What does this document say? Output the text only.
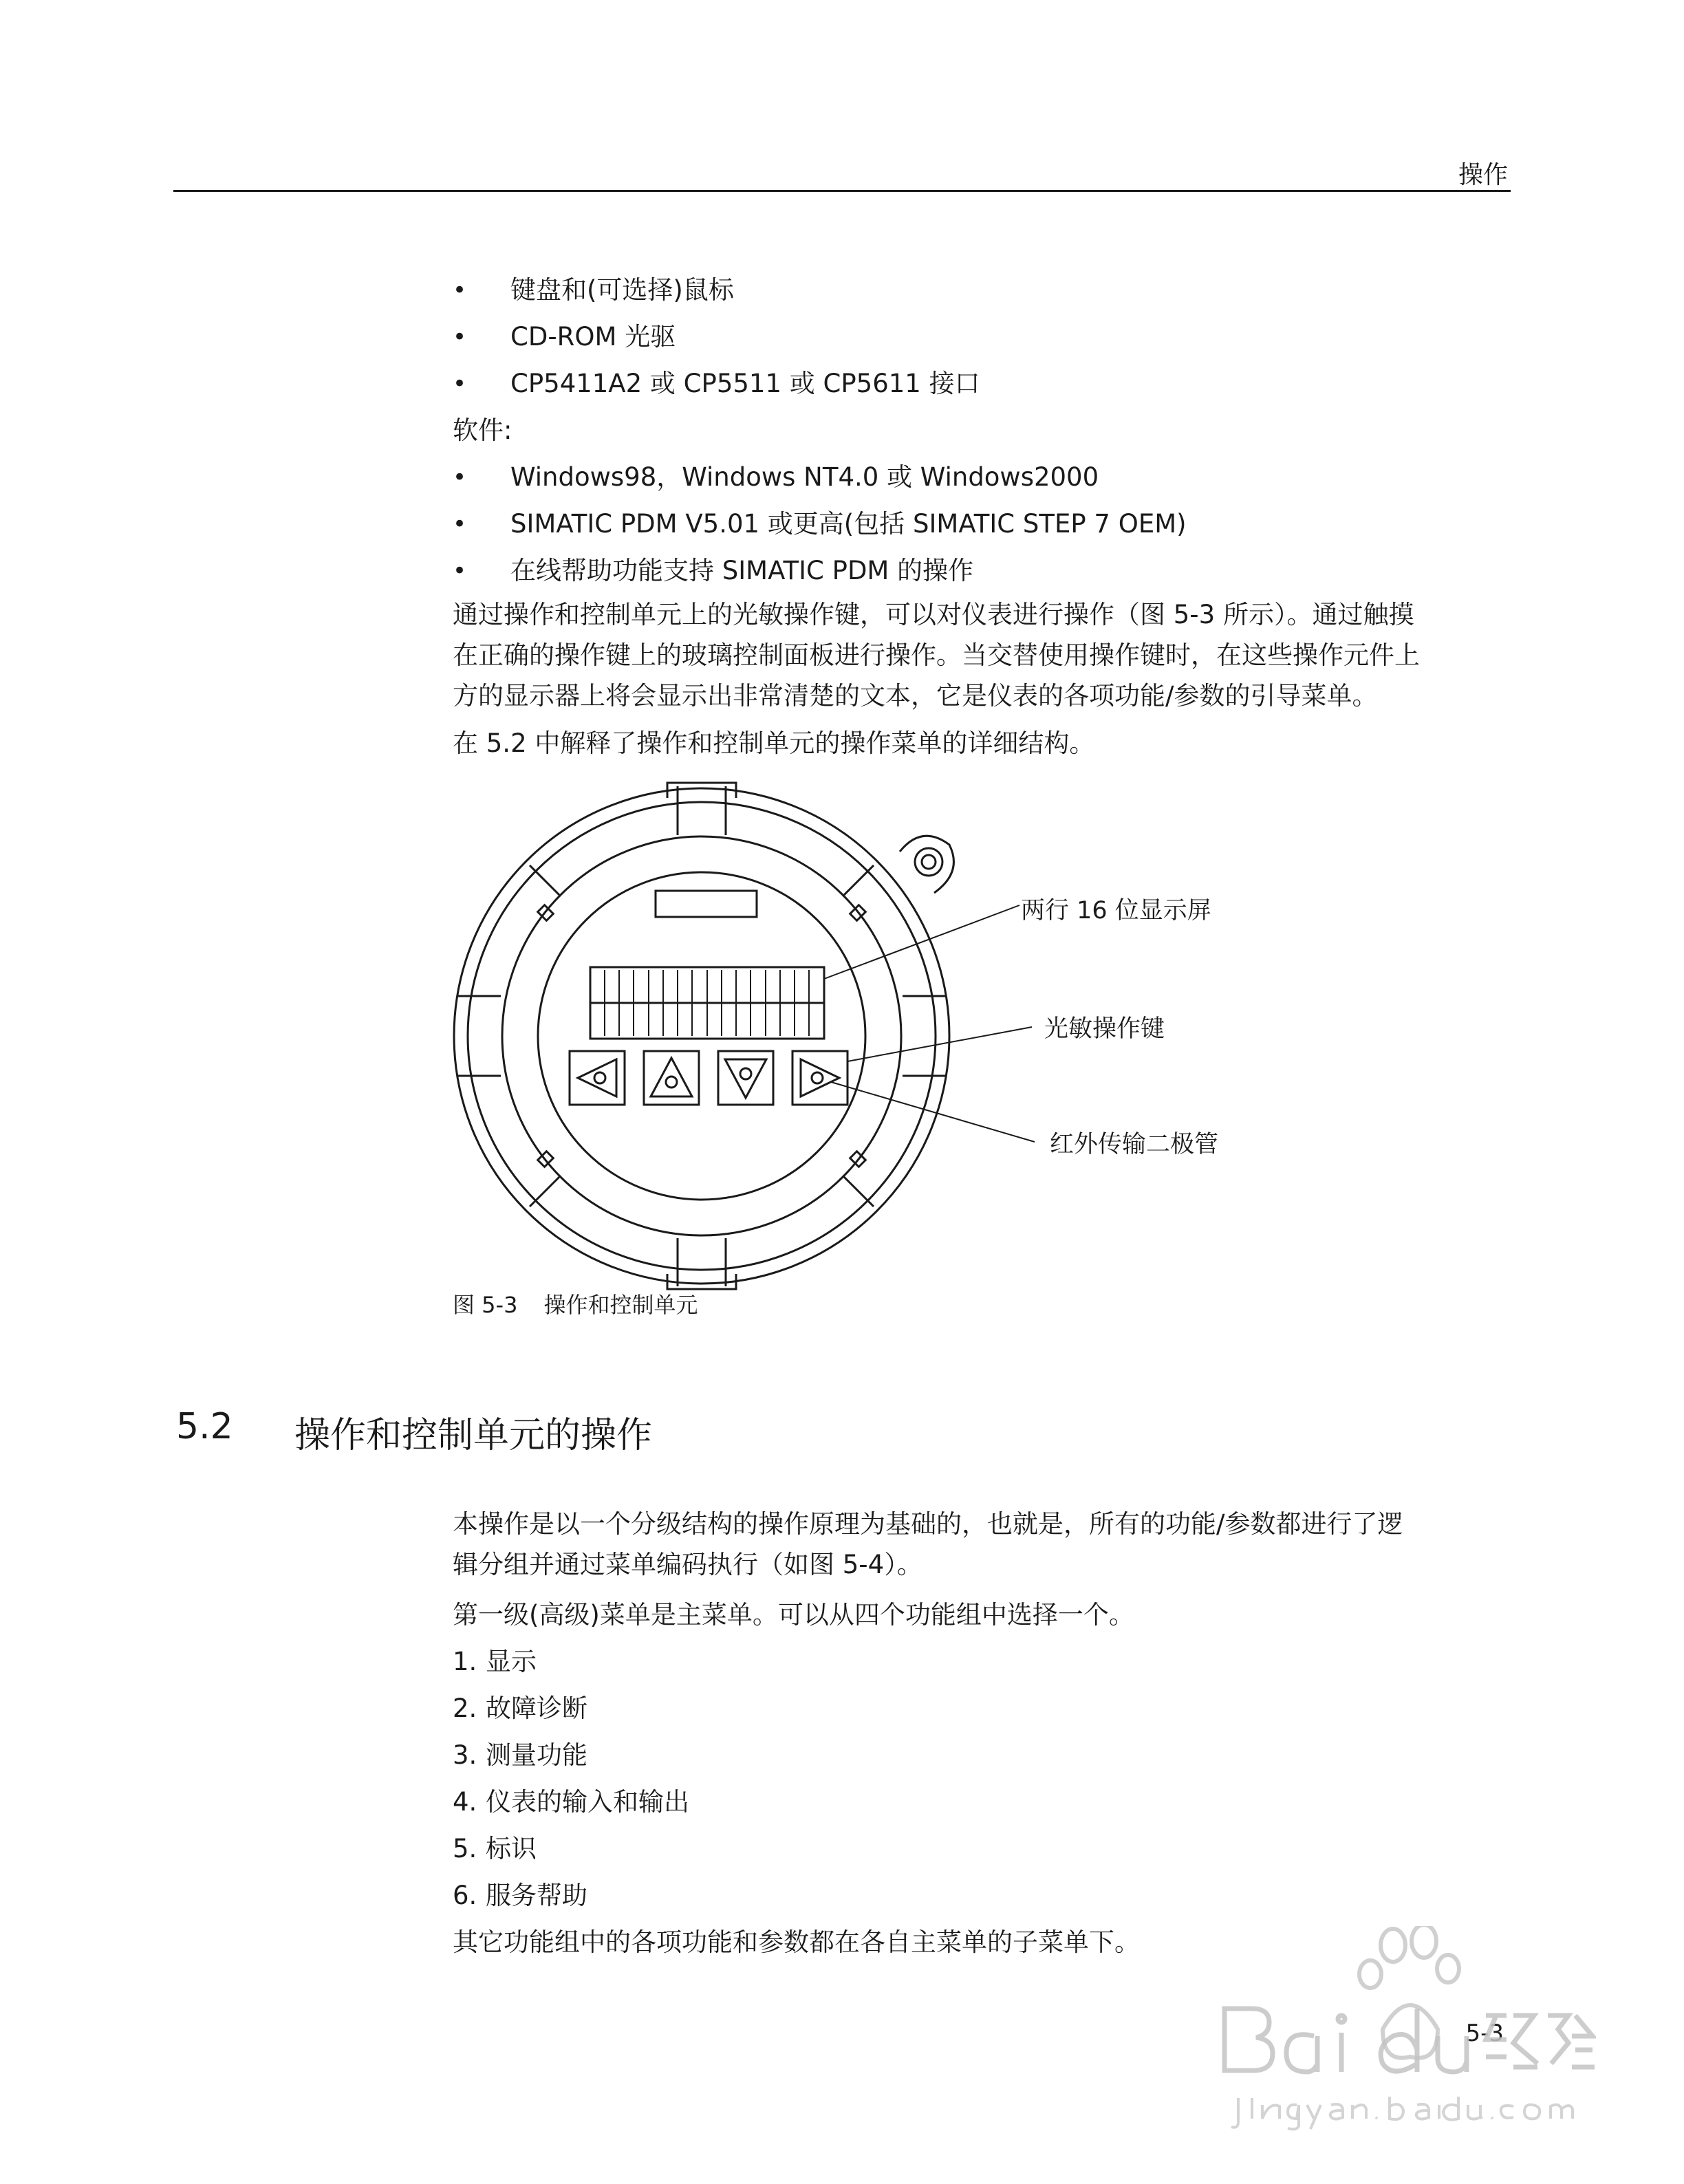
操作
• 键盘和(可选择)鼠标
• CD-ROM 光驱
• CP5411A2 或 CP5511 或 CP5611 接口
软件:
• Windows98，Windows NT4.0 或 Windows2000
• SIMATIC PDM V5.01 或更高(包括 SIMATIC STEP 7 OEM)
• 在线帮助功能支持 SIMATIC PDM 的操作
通过操作和控制单元上的光敏操作键，可以对仪表进行操作（图 5-3 所示）。通过触摸
在正确的操作键上的玻璃控制面板进行操作。当交替使用操作键时，在这些操作元件上
方的显示器上将会显示出非常清楚的文本，它是仪表的各项功能/参数的引导菜单。
在 5.2 中解释了操作和控制单元的操作菜单的详细结构。
两行 16 位显示屏
光敏操作键
红外传输二极管
图 5-3 操作和控制单元
5.2 操作和控制单元的操作
本操作是以一个分级结构的操作原理为基础的，也就是，所有的功能/参数都进行了逻
辑分组并通过菜单编码执行（如图 5-4）。
第一级(高级)菜单是主菜单。可以从四个功能组中选择一个。
1. 显示
2. 故障诊断
3. 测量功能
4. 仪表的输入和输出
5. 标识
6. 服务帮助
其它功能组中的各项功能和参数都在各自主菜单的子菜单下。
5-3
